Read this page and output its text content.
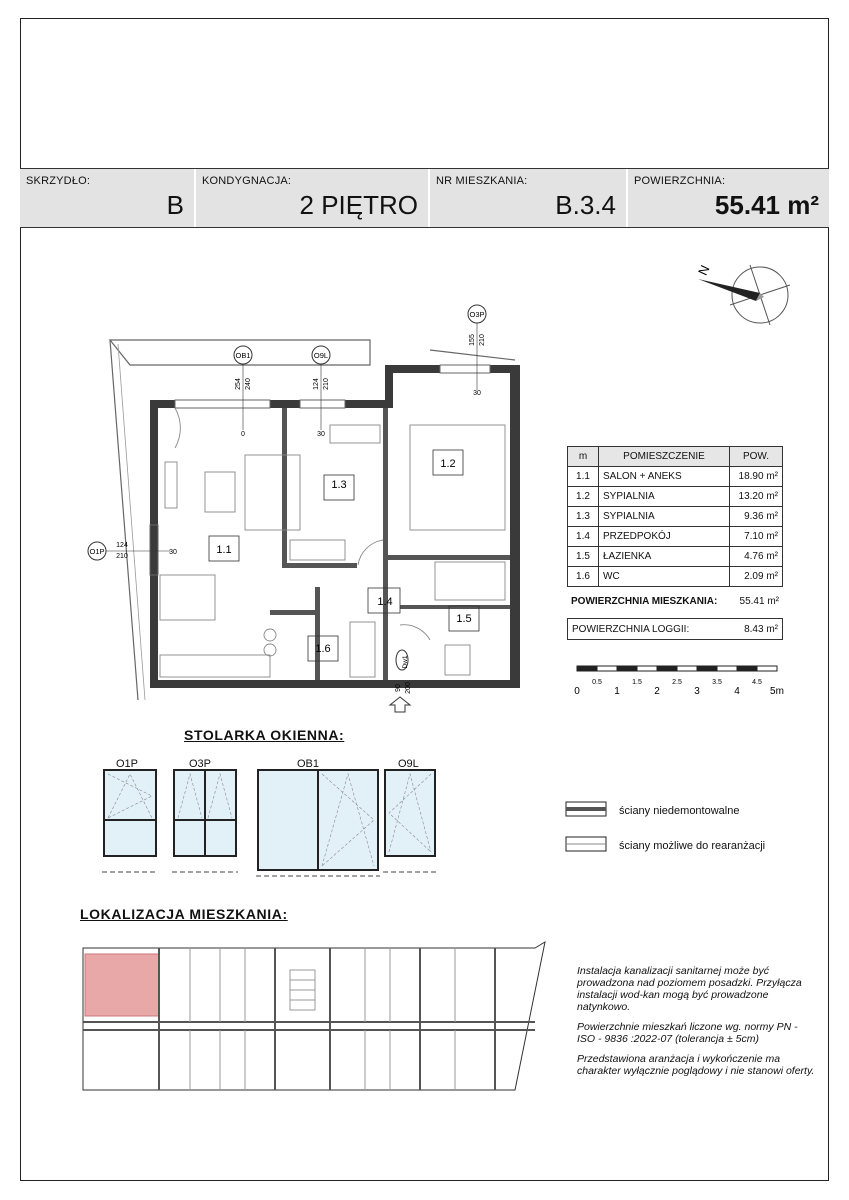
SKRZYDŁO:
B
KONDYGNACJA:
2 PIĘTRO
NR MIESZKANIA:
B.3.4
POWIERZCHNIA:
55.41 m²
N
1.1
1.2
1.3
1.4
1.5
1.6
OB1	O9L
O3P
O1P
254 240
0
124 210
30
155 210
30
124
210
30
90 200
Dw1
m	POMIESZCZENIE	POW.
1.1	SALON + ANEKS	18.90 m²
1.2	SYPIALNIA	13.20 m²
1.3	SYPIALNIA	9.36 m²
1.4	PRZEDPOKÓJ	7.10 m²
1.5	ŁAZIENKA	4.76 m²
1.6	WC	2.09 m²
POWIERZCHNIA MIESZKANIA: 55.41 m²
POWIERZCHNIA LOGGII:	8.43 m²
0	1	2	3	4	5m
0.5	1.5	2.5	3.5	4.5
STOLARKA OKIENNA:
O1P	O3P	OB1	O9L
ściany niedemontowalne
ściany możliwe do rearanżacji
LOKALIZACJA MIESZKANIA:

Instalacja kanalizacji sanitarnej może być prowadzona nad poziomem posadzki. Przyłącza instalacji wod-kan mogą być prowadzone natynkowo.

Powierzchnie mieszkań liczone wg. normy PN - ISO - 9836 :2022-07 (tolerancja ± 5cm)

Przedstawiona aranżacja i wykończenie ma charakter wyłącznie poglądowy i nie stanowi oferty.
